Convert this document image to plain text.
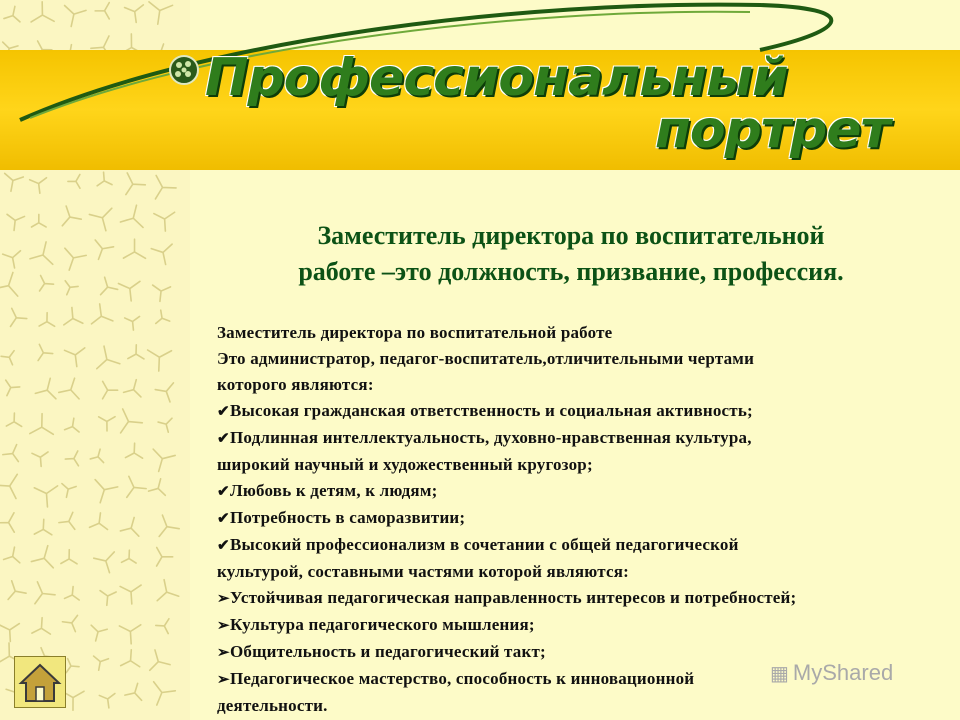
Профессиональный
портрет
Заместитель директора по воспитательной
работе –это должность, призвание, профессия.
Заместитель директора по воспитательной работе
Это администратор, педагог-воспитатель,отличительными чертами
которого являются:
✔Высокая гражданская ответственность и социальная активность;
✔Подлинная интеллектуальность, духовно-нравственная культура,
широкий научный и художественный кругозор;
✔Любовь к детям, к людям;
✔Потребность в саморазвитии;
✔Высокий профессионализм в сочетании с общей педагогической
культурой, составными частями которой являются:
➢Устойчивая педагогическая направленность интересов и потребностей;
➢Культура педагогического мышления;
➢Общительность и педагогический такт;
➢Педагогическое мастерство, способность к инновационной
деятельности.
▦ MyShared
